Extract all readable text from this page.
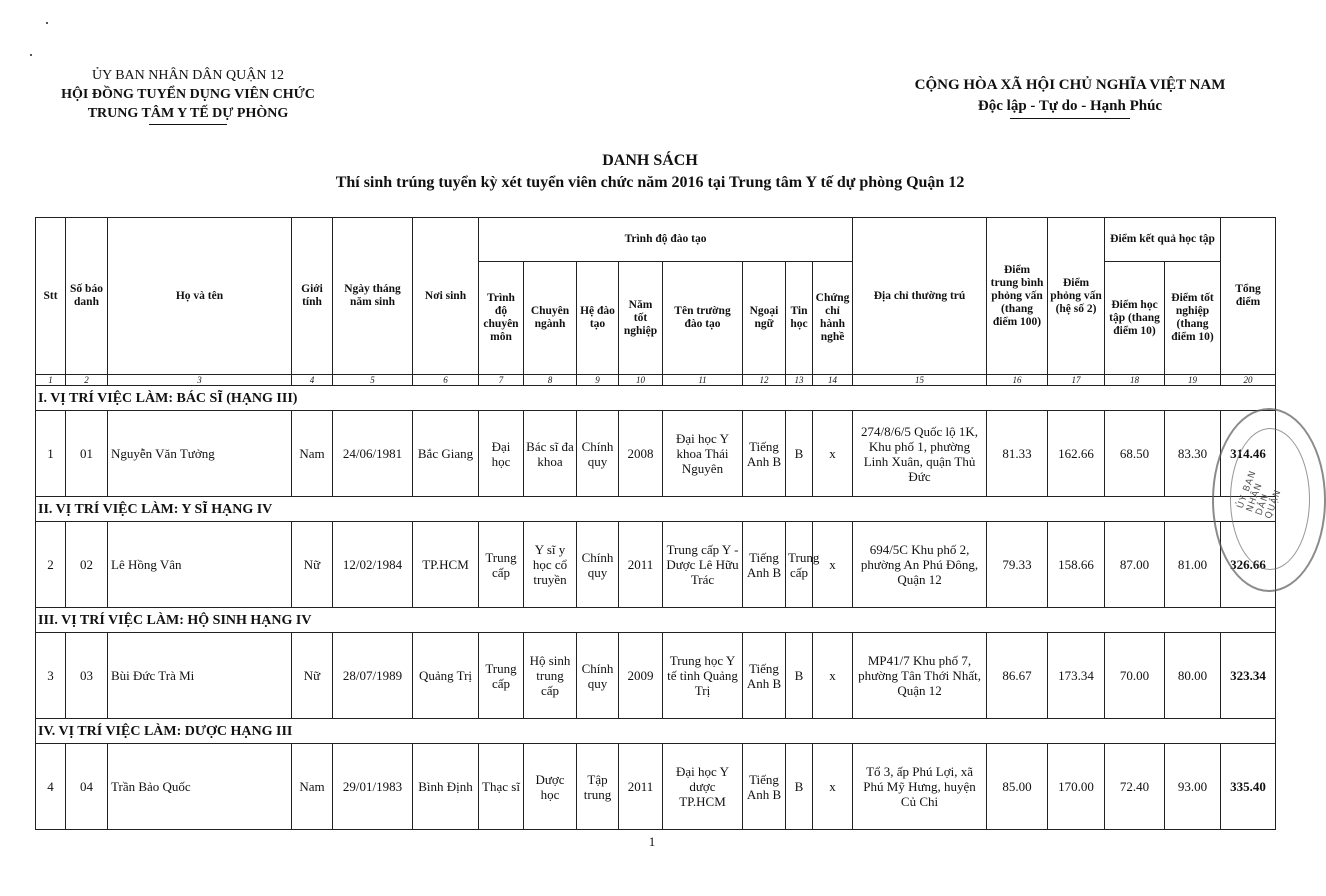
ỦY BAN NHÂN DÂN QUẬN 12
HỘI ĐỒNG TUYỂN DỤNG VIÊN CHỨC
TRUNG TÂM Y TẾ DỰ PHÒNG
CỘNG HÒA XÃ HỘI CHỦ NGHĨA VIỆT NAM
Độc lập - Tự do - Hạnh Phúc
DANH SÁCH
Thí sinh trúng tuyển kỳ xét tuyển viên chức năm 2016 tại Trung tâm Y tế dự phòng Quận 12
Stt	Số báo danh	Họ và tên	Giới tính	Ngày tháng năm sinh	Nơi sinh	Trình độ đào tạo								Địa chỉ thường trú	Điểm trung bình phỏng vấn (thang điểm 100)	Điểm phỏng vấn (hệ số 2)	Điểm kết quả học tập		Tổng điểm
						Trình độ chuyên môn	Chuyên ngành	Hệ đào tạo	Năm tốt nghiệp	Tên trường đào tạo	Ngoại ngữ	Tin học	Chứng chỉ hành nghề				Điểm học tập (thang điểm 10)	Điểm tốt nghiệp (thang điểm 10)	
1	2	3	4	5	6	7	8	9	10	11	12	13	14	15	16	17	18	19	20
I. VỊ TRÍ VIỆC LÀM: BÁC SĨ (HẠNG III)																			
1	01	Nguyễn Văn Tưởng	Nam	24/06/1981	Bắc Giang	Đại học	Bác sĩ đa khoa	Chính quy	2008	Đại học Y khoa Thái Nguyên	Tiếng Anh B	B	x	274/8/6/5 Quốc lộ 1K, Khu phố 1, phường Linh Xuân, quận Thủ Đức	81.33	162.66	68.50	83.30	314.46
II. VỊ TRÍ VIỆC LÀM: Y SĨ HẠNG IV																			
2	02	Lê Hồng Vân	Nữ	12/02/1984	TP.HCM	Trung cấp	Y sĩ y học cổ truyền	Chính quy	2011	Trung cấp Y - Dược Lê Hữu Trác	Tiếng Anh B	Trung cấp	x	694/5C Khu phố 2, phường An Phú Đông, Quận 12	79.33	158.66	87.00	81.00	326.66
III. VỊ TRÍ VIỆC LÀM: HỘ SINH HẠNG IV																			
3	03	Bùi Đức Trà Mi	Nữ	28/07/1989	Quảng Trị	Trung cấp	Hộ sinh trung cấp	Chính quy	2009	Trung học Y tế tỉnh Quảng Trị	Tiếng Anh B	B	x	MP41/7 Khu phố 7, phường Tân Thới Nhất, Quận 12	86.67	173.34	70.00	80.00	323.34
IV. VỊ TRÍ VIỆC LÀM: DƯỢC HẠNG III																			
4	04	Trần Bảo Quốc	Nam	29/01/1983	Bình Định	Thạc sĩ	Dược học	Tập trung	2011	Đại học Y dược TP.HCM	Tiếng Anh B	B	x	Tổ 3, ấp Phú Lợi, xã Phú Mỹ Hưng, huyện Củ Chi	85.00	170.00	72.40	93.00	335.40
ỦY BAN NHÂN DÂN QUẬN
1
